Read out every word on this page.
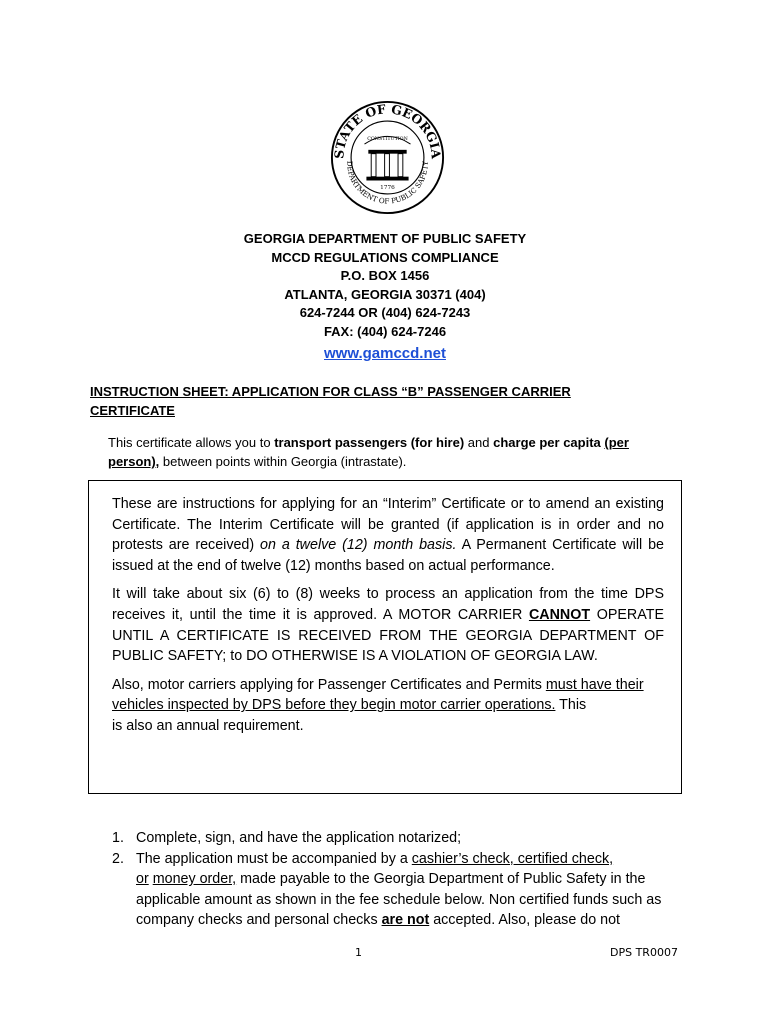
STATE OF GEORGIA
DEPARTMENT OF PUBLIC SAFETY
CONSTITUTION
1776
GEORGIA DEPARTMENT OF PUBLIC SAFETY
MCCD REGULATIONS COMPLIANCE
P.O. BOX 1456
ATLANTA, GEORGIA 30371 (404)
624-7244 OR (404) 624-7243
FAX: (404) 624-7246
www.gamccd.net
INSTRUCTION SHEET: APPLICATION FOR CLASS “B” PASSENGER CARRIER
CERTIFICATE
This certificate allows you to transport passengers (for hire) and charge per capita (per
person), between points within Georgia (intrastate).

These are instructions for applying for an “Interim” Certificate or to amend an existing Certificate. The Interim Certificate will be granted (if application is in order and no protests are received) on a twelve (12) month basis. A Permanent Certificate will be issued at the end of twelve (12) months based on actual performance.

It will take about six (6) to (8) weeks to process an application from the time DPS receives it, until the time it is approved. A MOTOR CARRIER CANNOT OPERATE UNTIL A CERTIFICATE IS RECEIVED FROM THE GEORGIA DEPARTMENT OF PUBLIC SAFETY; to DO OTHERWISE IS A VIOLATION OF GEORGIA LAW.

Also, motor carriers applying for Passenger Certificates and Permits must have their vehicles inspected by DPS before they begin motor carrier operations. This
is also an annual requirement.

1. Complete, sign, and have the application notarized;
2. The application must be accompanied by a cashier’s check, certified check,
or money order, made payable to the Georgia Department of Public Safety in the applicable amount as shown in the fee schedule below. Non certified funds such as company checks and personal checks are not accepted. Also, please do not
1	DPS TR0007
